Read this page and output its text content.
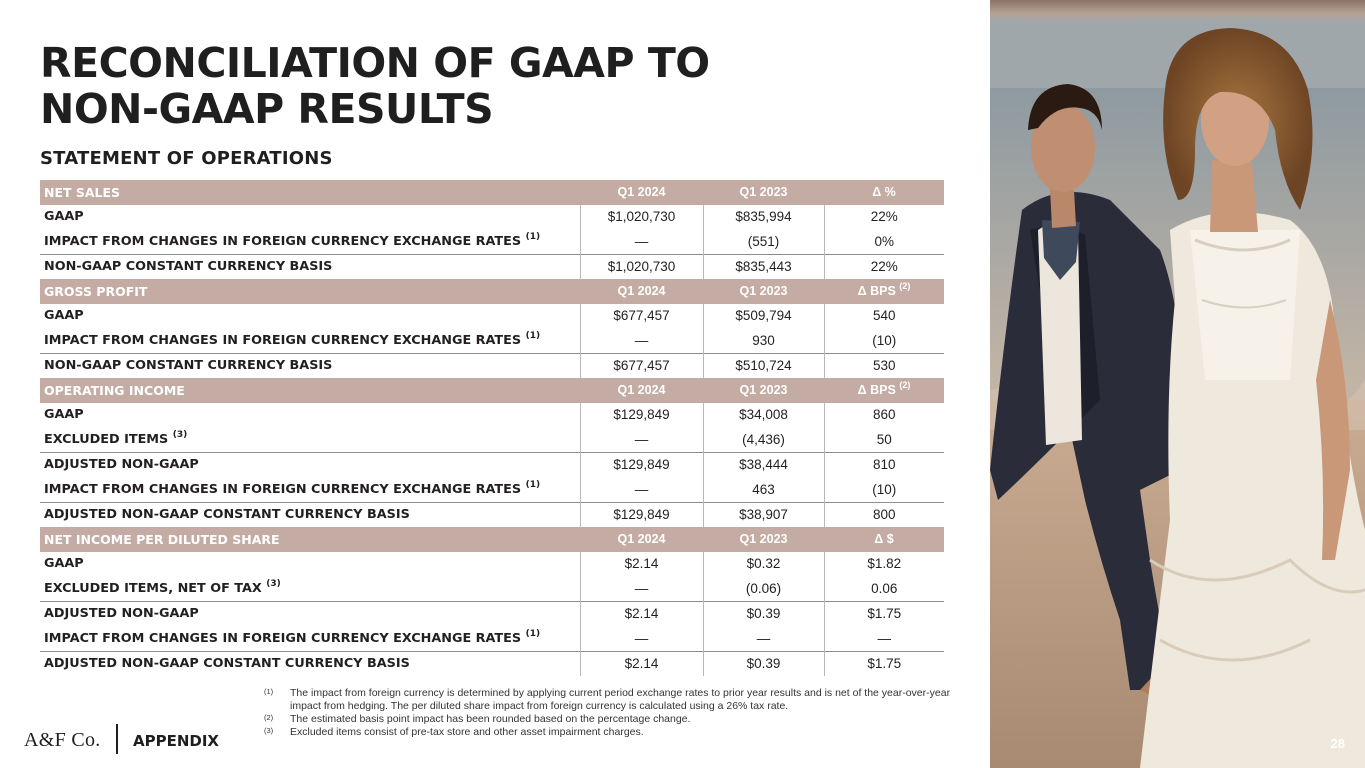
RECONCILIATION OF GAAP TO
NON-GAAP RESULTS
STATEMENT OF OPERATIONS
NET SALES	Q1 2024	Q1 2023	Δ %
GAAP	$1,020,730	$835,994	22%
IMPACT FROM CHANGES IN FOREIGN CURRENCY EXCHANGE RATES $^{(1)}$	—	(551)	0%
NON-GAAP CONSTANT CURRENCY BASIS	$1,020,730	$835,443	22%
GROSS PROFIT	Q1 2024	Q1 2023	Δ BPS $^{(2)}$
GAAP	$677,457	$509,794	540
IMPACT FROM CHANGES IN FOREIGN CURRENCY EXCHANGE RATES $^{(1)}$	—	930	(10)
NON-GAAP CONSTANT CURRENCY BASIS	$677,457	$510,724	530
OPERATING INCOME	Q1 2024	Q1 2023	Δ BPS $^{(2)}$
GAAP	$129,849	$34,008	860
EXCLUDED ITEMS $^{(3)}$	—	(4,436)	50
ADJUSTED NON-GAAP	$129,849	$38,444	810
IMPACT FROM CHANGES IN FOREIGN CURRENCY EXCHANGE RATES $^{(1)}$	—	463	(10)
ADJUSTED NON-GAAP CONSTANT CURRENCY BASIS	$129,849	$38,907	800
NET INCOME PER DILUTED SHARE	Q1 2024	Q1 2023	Δ $
GAAP	$2.14	$0.32	$1.82
EXCLUDED ITEMS, NET OF TAX $^{(3)}$	—	(0.06)	0.06
ADJUSTED NON-GAAP	$2.14	$0.39	$1.75
IMPACT FROM CHANGES IN FOREIGN CURRENCY EXCHANGE RATES $^{(1)}$	—	—	—
ADJUSTED NON-GAAP CONSTANT CURRENCY BASIS	$2.14	$0.39	$1.75
(1)	The impact from foreign currency is determined by applying current period exchange rates to prior year results and is net of the year-over-year impact from hedging. The per diluted share impact from foreign currency is calculated using a 26% tax rate.
(2)	The estimated basis point impact has been rounded based on the percentage change.
(3)	Excluded items consist of pre-tax store and other asset impairment charges.
A&F Co. APPENDIX	28
